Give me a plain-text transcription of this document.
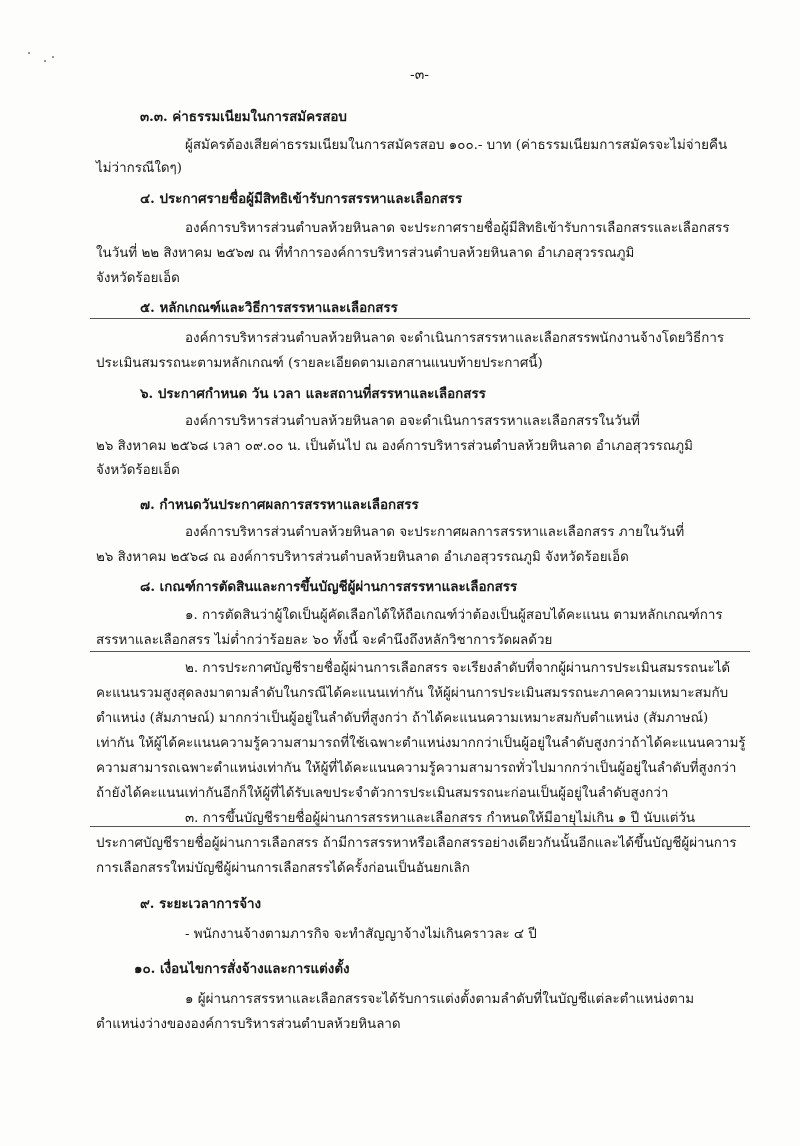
-๓-
๓.๓. ค่าธรรมเนียมในการสมัครสอบ
ผู้สมัครต้องเสียค่าธรรมเนียมในการสมัครสอบ ๑๐๐.- บาท (ค่าธรรมเนียมการสมัครจะไม่จ่ายคืน
ไม่ว่ากรณีใดๆ)
๔. ประกาศรายชื่อผู้มีสิทธิเข้ารับการสรรหาและเลือกสรร
องค์การบริหารส่วนตำบลห้วยหินลาด จะประกาศรายชื่อผู้มีสิทธิเข้ารับการเลือกสรรและเลือกสรร
ในวันที่ ๒๒ สิงหาคม ๒๕๖๗ ณ ที่ทำการองค์การบริหารส่วนตำบลห้วยหินลาด อำเภอสุวรรณภูมิ
จังหวัดร้อยเอ็ด
๕. หลักเกณฑ์และวิธีการสรรหาและเลือกสรร
องค์การบริหารส่วนตำบลห้วยหินลาด จะดำเนินการสรรหาและเลือกสรรพนักงานจ้างโดยวิธีการ
ประเมินสมรรถนะตามหลักเกณฑ์ (รายละเอียดตามเอกสานแนบท้ายประกาศนี้)
๖. ประกาศกำหนด วัน เวลา และสถานที่สรรหาและเลือกสรร
องค์การบริหารส่วนตำบลห้วยหินลาด อจะดำเนินการสรรหาและเลือกสรรในวันที่
๒๖ สิงหาคม ๒๕๖๘ เวลา ๐๙.๐๐ น. เป็นต้นไป ณ องค์การบริหารส่วนตำบลห้วยหินลาด อำเภอสุวรรณภูมิ
จังหวัดร้อยเอ็ด
๗. กำหนดวันประกาศผลการสรรหาและเลือกสรร
องค์การบริหารส่วนตำบลห้วยหินลาด จะประกาศผลการสรรหาและเลือกสรร ภายในวันที่
๒๖ สิงหาคม ๒๕๖๘ ณ องค์การบริหารส่วนตำบลห้วยหินลาด อำเภอสุวรรณภูมิ จังหวัดร้อยเอ็ด
๘. เกณฑ์การตัดสินและการขึ้นบัญชีผู้ผ่านการสรรหาและเลือกสรร
๑. การตัดสินว่าผู้ใดเป็นผู้คัดเลือกได้ให้ถือเกณฑ์ว่าต้องเป็นผู้สอบได้คะแนน ตามหลักเกณฑ์การ
สรรหาและเลือกสรร ไม่ต่ำกว่าร้อยละ ๖๐ ทั้งนี้ จะคำนึงถึงหลักวิชาการวัดผลด้วย
๒. การประกาศบัญชีรายชื่อผู้ผ่านการเลือกสรร จะเรียงลำดับที่จากผู้ผ่านการประเมินสมรรถนะได้
คะแนนรวมสูงสุดลงมาตามลำดับในกรณีได้คะแนนเท่ากัน ให้ผู้ผ่านการประเมินสมรรถนะภาคความเหมาะสมกับ
ตำแหน่ง (สัมภาษณ์) มากกว่าเป็นผู้อยู่ในลำดับที่สูงกว่า ถ้าได้คะแนนความเหมาะสมกับตำแหน่ง (สัมภาษณ์)
เท่ากัน ให้ผู้ได้คะแนนความรู้ความสามารถที่ใช้เฉพาะตำแหน่งมากกว่าเป็นผู้อยู่ในลำดับสูงกว่าถ้าได้คะแนนความรู้
ความสามารถเฉพาะตำแหน่งเท่ากัน ให้ผู้ที่ได้คะแนนความรู้ความสามารถทั่วไปมากกว่าเป็นผู้อยู่ในลำดับที่สูงกว่า
ถ้ายังได้คะแนนเท่ากันอีกก็ให้ผู้ที่ได้รับเลขประจำตัวการประเมินสมรรถนะก่อนเป็นผู้อยู่ในลำดับสูงกว่า
๓. การขึ้นบัญชีรายชื่อผู้ผ่านการสรรหาและเลือกสรร กำหนดให้มีอายุไม่เกิน ๑ ปี นับแต่วัน
ประกาศบัญชีรายชื่อผู้ผ่านการเลือกสรร ถ้ามีการสรรหาหรือเลือกสรรอย่างเดียวกันนั้นอีกและได้ขึ้นบัญชีผู้ผ่านการ
การเลือกสรรใหม่บัญชีผู้ผ่านการเลือกสรรได้ครั้งก่อนเป็นอันยกเลิก
๙. ระยะเวลาการจ้าง
- พนักงานจ้างตามภารกิจ จะทำสัญญาจ้างไม่เกินคราวละ ๔ ปี
๑๐. เงื่อนไขการสั่งจ้างและการแต่งตั้ง
๑ ผู้ผ่านการสรรหาและเลือกสรรจะได้รับการแต่งตั้งตามลำดับที่ในบัญชีแต่ละตำแหน่งตาม
ตำแหน่งว่างขององค์การบริหารส่วนตำบลห้วยหินลาด
